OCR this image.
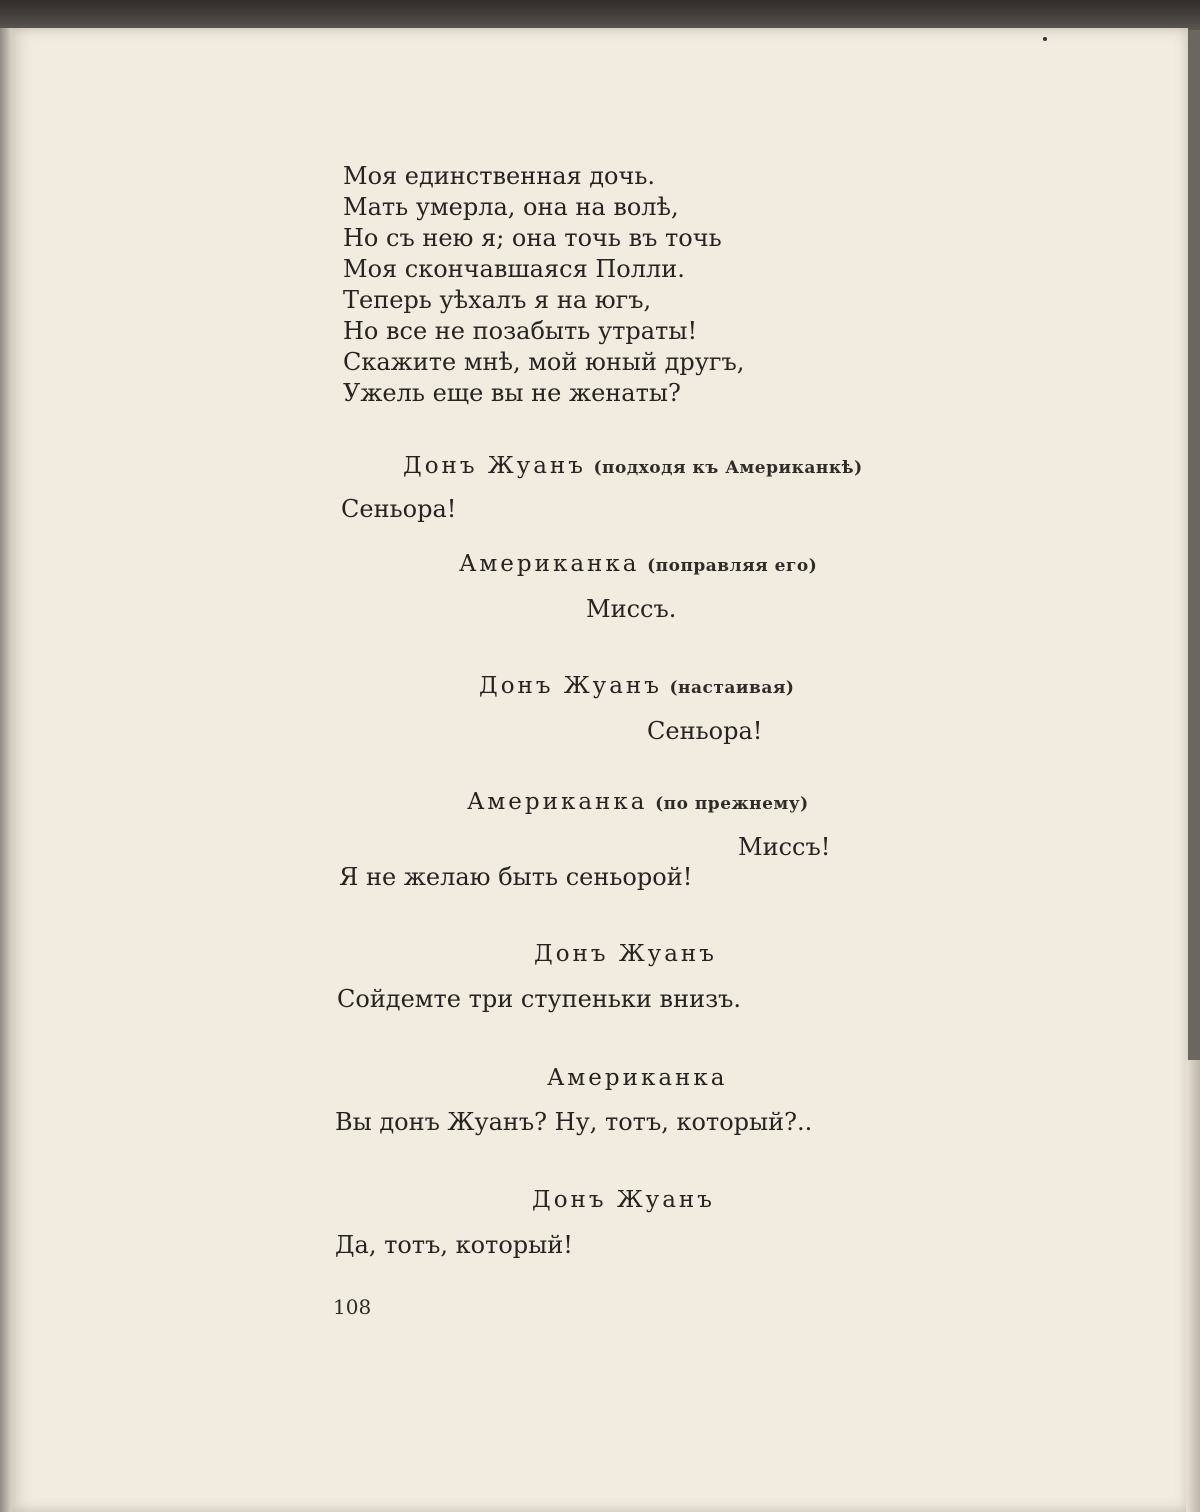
Моя единственная дочь.
Мать умерла, она на волѣ,
Но съ нею я; она точь въ точь
Моя скончавшаяся Полли.
Теперь уѣхалъ я на югъ,
Но все не позабыть утраты!
Скажите мнѣ, мой юный другъ,
Ужель еще вы не женаты?
Донъ Жуанъ (подходя къ Американкѣ)
Сеньора!
Американка (поправляя его)
Миссъ.
Донъ Жуанъ (настаивая)
Сеньора!
Американка (по прежнему)
Миссъ!
Я не желаю быть сеньорой!
Донъ Жуанъ
Сойдемте три ступеньки внизъ.
Американка
Вы донъ Жуанъ? Ну, тотъ, который?..
Донъ Жуанъ
Да, тотъ, который!
108
